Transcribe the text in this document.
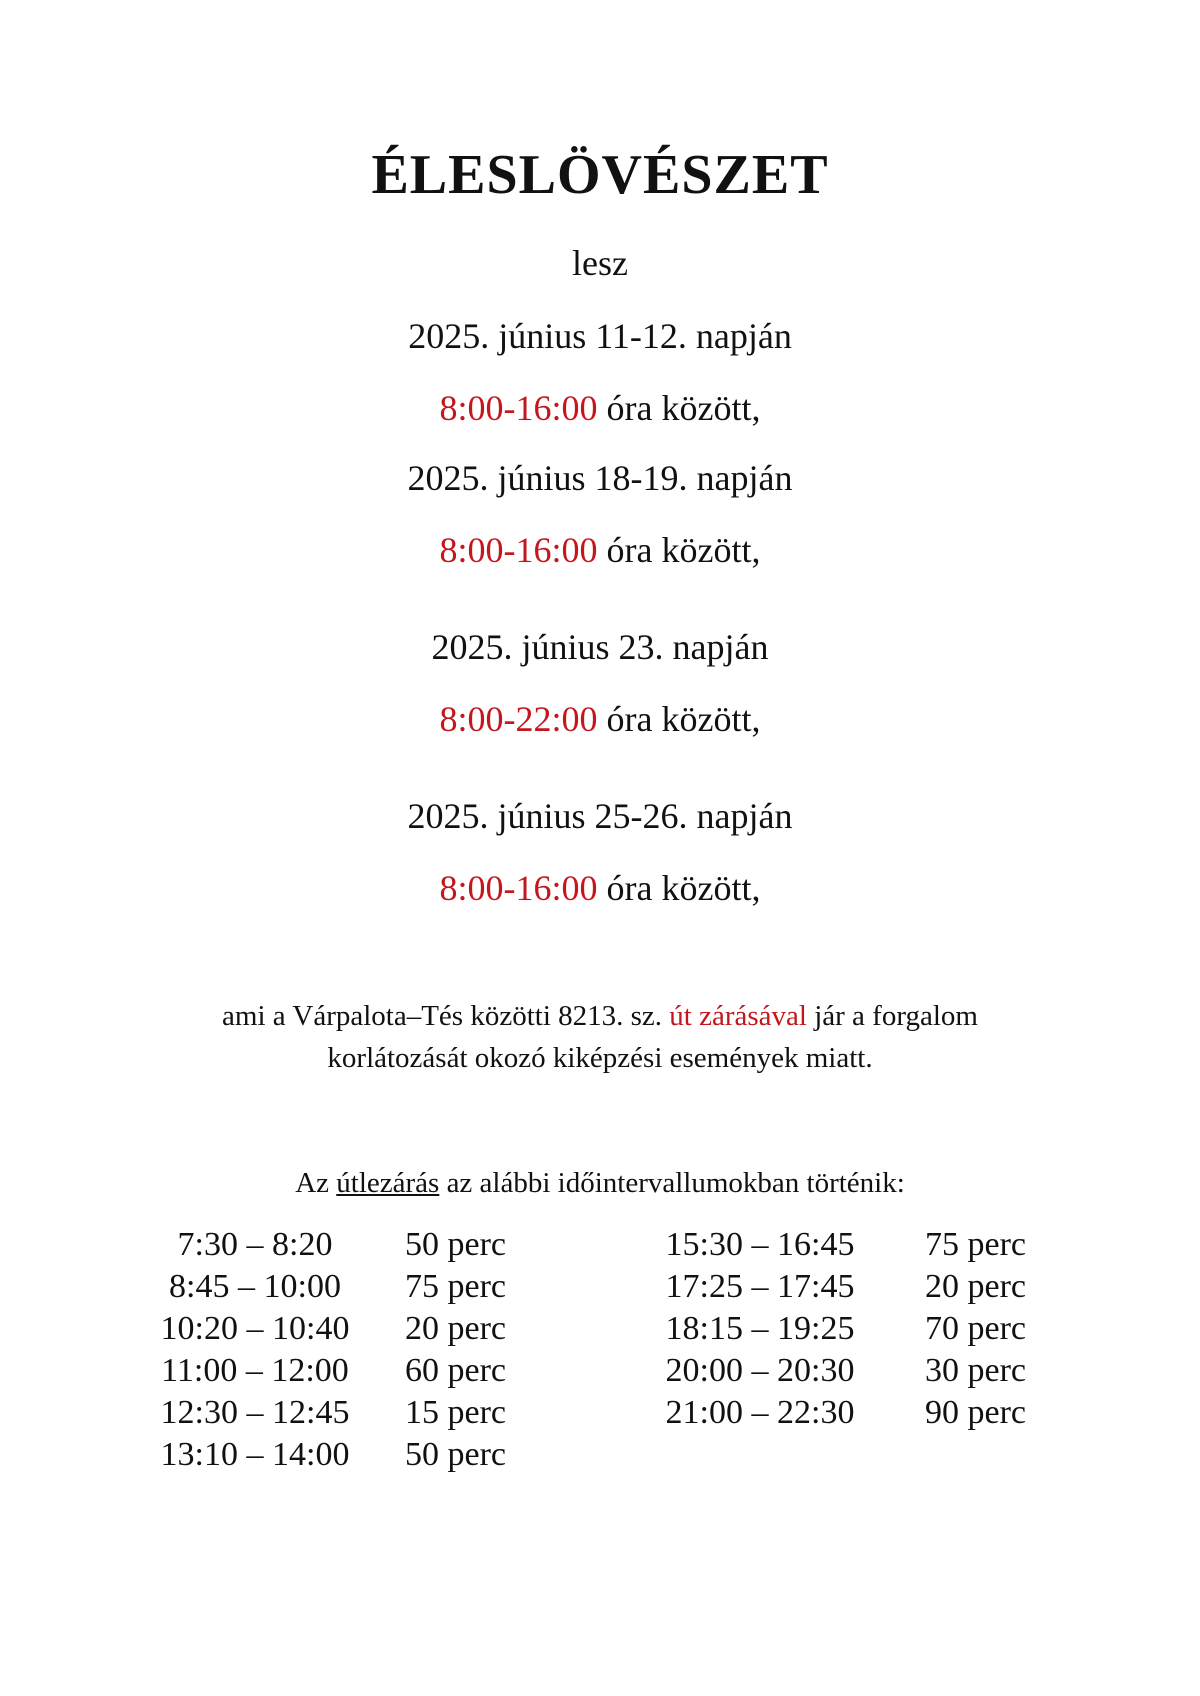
ÉLESLÖVÉSZET
lesz
2025. június 11-12. napján
8:00-16:00 óra között,
2025. június 18-19. napján
8:00-16:00 óra között,
2025. június 23. napján
8:00-22:00 óra között,
2025. június 25-26. napján
8:00-16:00 óra között,

ami a Várpalota–Tés közötti 8213. sz. út zárásával jár a forgalom

korlátozását okozó kiképzési események miatt.

Az útlezárás az alábbi időintervallumokban történik:
7:30 – 8:20	50 perc
8:45 – 10:00	75 perc
10:20 – 10:40	20 perc
11:00 – 12:00	60 perc
12:30 – 12:45	15 perc
13:10 – 14:00	50 perc
15:30 – 16:45	75 perc
17:25 – 17:45	20 perc
18:15 – 19:25	70 perc
20:00 – 20:30	30 perc
21:00 – 22:30	90 perc
